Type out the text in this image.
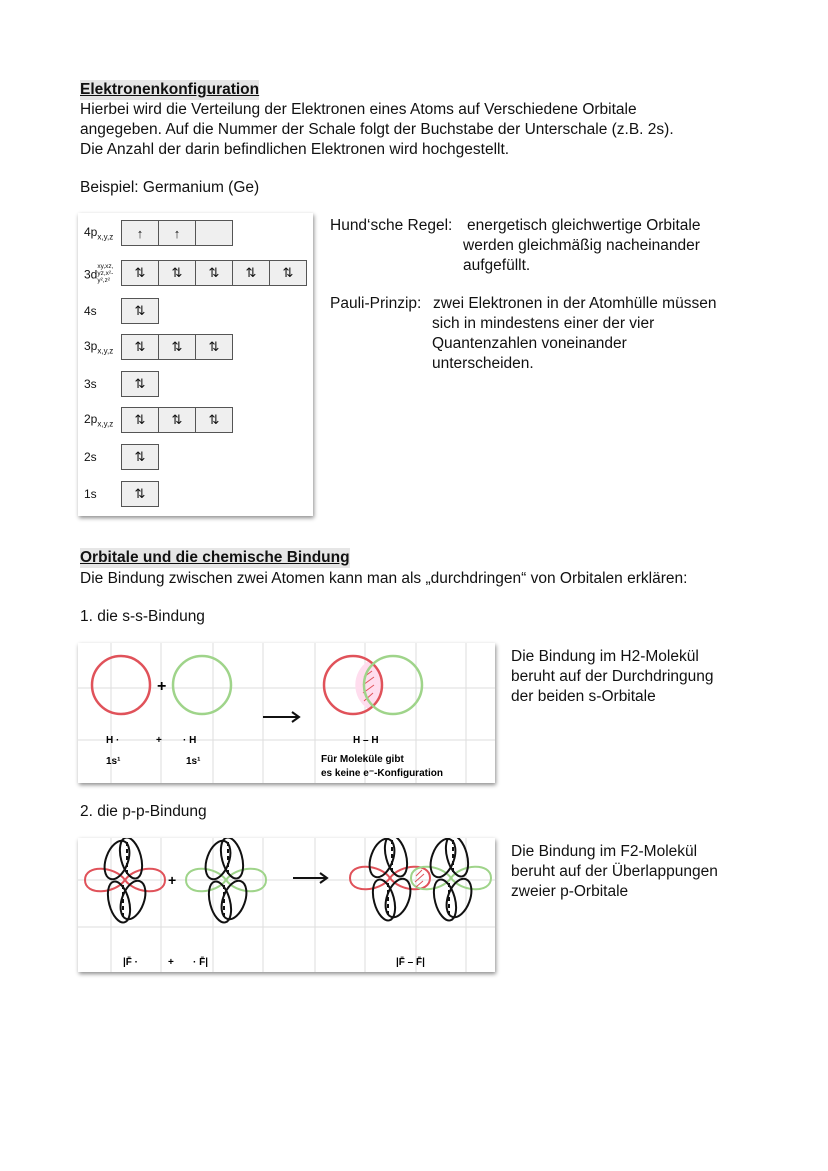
Elektronenkonfiguration
Hierbei wird die Verteilung der Elektronen eines Atoms auf Verschiedene Orbitale
angegeben. Auf die Nummer der Schale folgt der Buchstabe der Unterschale (z.B. 2s).
Die Anzahl der darin befindlichen Elektronen wird hochgestellt.
Beispiel: Germanium (Ge)
$4p_{x,y,z}$	↑	↑
$3d_{xy,xz, yz,x^2-y^2,z^2}$	⇅	⇅	⇅	⇅	⇅
4s	⇅
$3p_{x,y,z}$	⇅	⇅	⇅
3s	⇅
$2p_{x,y,z}$	⇅	⇅	⇅
2s	⇅
1s	⇅
Hund‘sche Regel: energetisch gleichwertige Orbitale
werden gleichmäßig nacheinander
aufgefüllt.
Pauli-Prinzip: zwei Elektronen in der Atomhülle müssen
sich in mindestens einer der vier
Quantenzahlen voneinander
unterscheiden.
Orbitale und die chemische Bindung
Die Bindung zwischen zwei Atomen kann man als „durchdringen“ von Orbitalen erklären:
1. die s-s-Bindung
+
H ·	+ · H
1s¹	1s¹
H – H
Für Moleküle gibt
es keine e⁻-Konfiguration
Die Bindung im H2-Molekül
beruht auf der Durchdringung
der beiden s-Orbitale
2. die p-p-Bindung
+
|F̄ ·	+ · F̄|	|F̄ – F̄|
Die Bindung im F2-Molekül
beruht auf der Überlappungen
zweier p-Orbitale
